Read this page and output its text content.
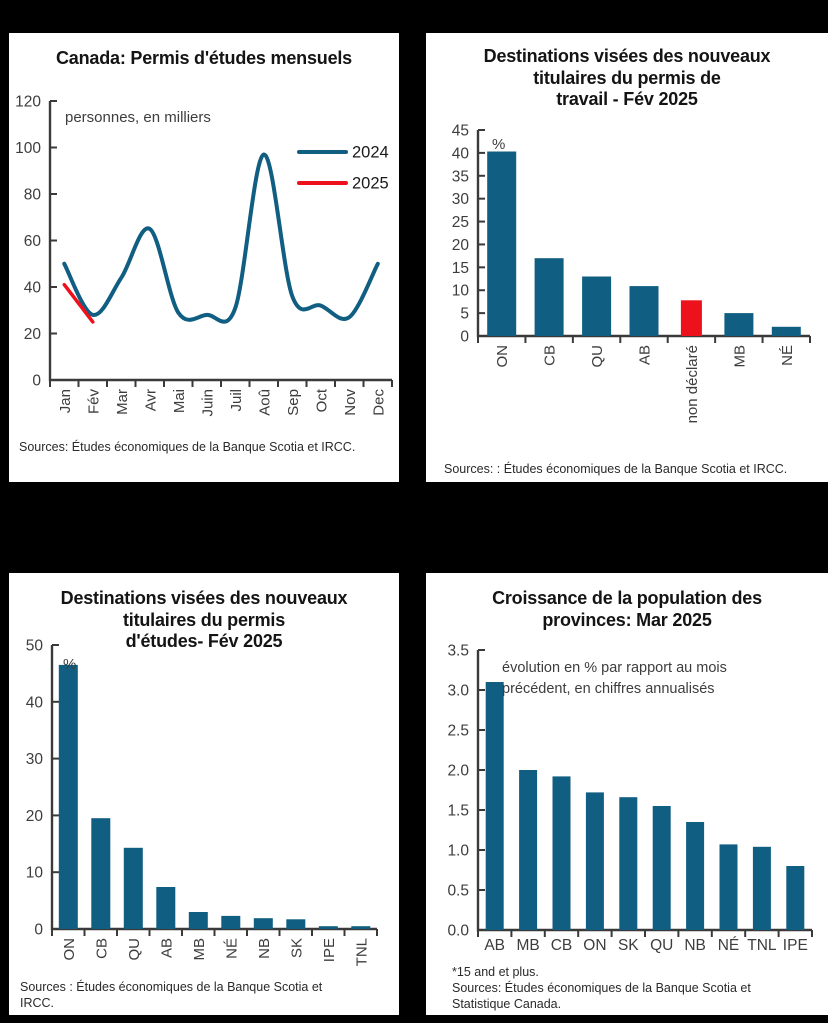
Canada: Permis d'études mensuels
0
20
40
60
80
100
120
2024
2025
personnes, en milliers
Jan Fév Mar Avr Mai Juin Juil Aoû Sep Oct Nov Dec

Sources: Études économiques de la Banque Scotia et IRCC.

Destinations visées des nouveaux
titulaires du permis de
travail - Fév 2025
0
5
10
15
20
25
30
35
40
45
%
ON CB QU AB non déclaré MB NÉ

Sources: : Études économiques de la Banque Scotia et IRCC.

Destinations visées des nouveaux
titulaires du permis
d'études- Fév 2025
0
10
20
30
40
50
%
ON CB QU AB MB NÉ NB SK IPE TNL

Sources : Études économiques de la Banque Scotia et
IRCC.

Croissance de la population des
provinces: Mar 2025
0.0
0.5
1.0
1.5
2.0
2.5
3.0
3.5
évolution en % par rapport au mois
précédent, en chiffres annualisés
AB MB CB ON SK QU NB NÉ TNL IPE

*15 and et plus.
Sources: Études économiques de la Banque Scotia et
Statistique Canada.
